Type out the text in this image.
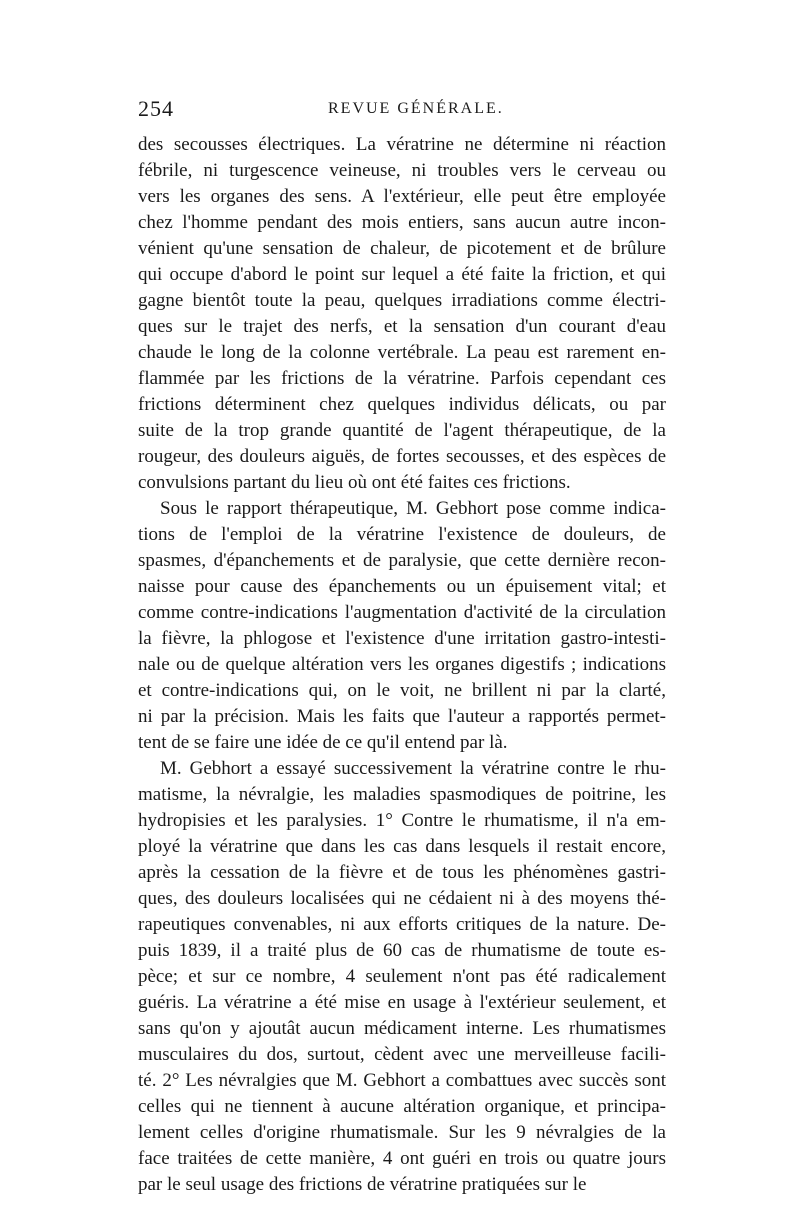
254	REVUE GÉNÉRALE.
des secousses électriques. La vératrine ne détermine ni réaction
fébrile, ni turgescence veineuse, ni troubles vers le cerveau ou
vers les organes des sens. A l'extérieur, elle peut être employée
chez l'homme pendant des mois entiers, sans aucun autre incon-
vénient qu'une sensation de chaleur, de picotement et de brûlure
qui occupe d'abord le point sur lequel a été faite la friction, et qui
gagne bientôt toute la peau, quelques irradiations comme électri-
ques sur le trajet des nerfs, et la sensation d'un courant d'eau
chaude le long de la colonne vertébrale. La peau est rarement en-
flammée par les frictions de la vératrine. Parfois cependant ces
frictions déterminent chez quelques individus délicats, ou par
suite de la trop grande quantité de l'agent thérapeutique, de la
rougeur, des douleurs aiguës, de fortes secousses, et des espèces de
convulsions partant du lieu où ont été faites ces frictions.
Sous le rapport thérapeutique, M. Gebhort pose comme indica-
tions de l'emploi de la vératrine l'existence de douleurs, de
spasmes, d'épanchements et de paralysie, que cette dernière recon-
naisse pour cause des épanchements ou un épuisement vital; et
comme contre-indications l'augmentation d'activité de la circulation
la fièvre, la phlogose et l'existence d'une irritation gastro-intesti-
nale ou de quelque altération vers les organes digestifs ; indications
et contre-indications qui, on le voit, ne brillent ni par la clarté,
ni par la précision. Mais les faits que l'auteur a rapportés permet-
tent de se faire une idée de ce qu'il entend par là.
M. Gebhort a essayé successivement la vératrine contre le rhu-
matisme, la névralgie, les maladies spasmodiques de poitrine, les
hydropisies et les paralysies. 1° Contre le rhumatisme, il n'a em-
ployé la vératrine que dans les cas dans lesquels il restait encore,
après la cessation de la fièvre et de tous les phénomènes gastri-
ques, des douleurs localisées qui ne cédaient ni à des moyens thé-
rapeutiques convenables, ni aux efforts critiques de la nature. De-
puis 1839, il a traité plus de 60 cas de rhumatisme de toute es-
pèce; et sur ce nombre, 4 seulement n'ont pas été radicalement
guéris. La vératrine a été mise en usage à l'extérieur seulement, et
sans qu'on y ajoutât aucun médicament interne. Les rhumatismes
musculaires du dos, surtout, cèdent avec une merveilleuse facili-
té. 2° Les névralgies que M. Gebhort a combattues avec succès sont
celles qui ne tiennent à aucune altération organique, et principa-
lement celles d'origine rhumatismale. Sur les 9 névralgies de la
face traitées de cette manière, 4 ont guéri en trois ou quatre jours
par le seul usage des frictions de vératrine pratiquées sur le
